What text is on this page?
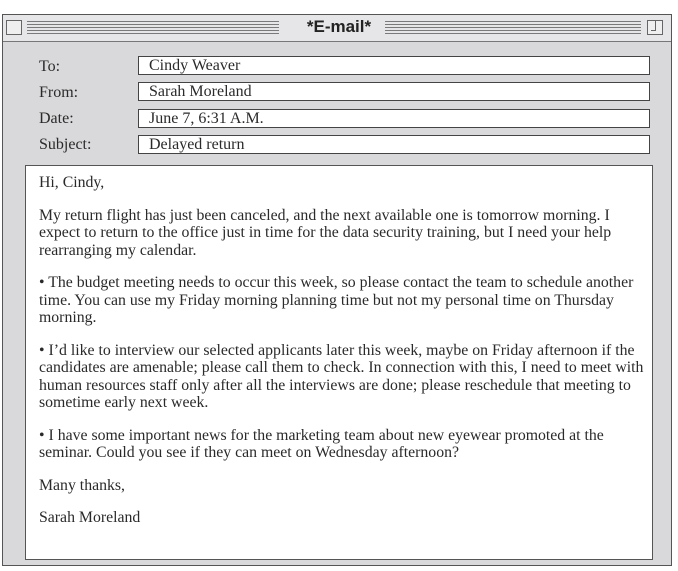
*E-mail*
To:	Cindy Weaver
From:	Sarah Moreland
Date:	June 7, 6:31 A.M.
Subject:	Delayed return

Hi, Cindy,

My return flight has just been canceled, and the next available one is tomorrow morning. I expect to return to the office just in time for the data security training, but I need your help rearranging my calendar.

• The budget meeting needs to occur this week, so please contact the team to schedule another time. You can use my Friday morning planning time but not my personal time on Thursday morning.

• I’d like to interview our selected applicants later this week, maybe on Friday afternoon if the candidates are amenable; please call them to check. In connection with this, I need to meet with human resources staff only after all the interviews are done; please reschedule that meeting to sometime early next week.

• I have some important news for the marketing team about new eyewear promoted at the seminar. Could you see if they can meet on Wednesday afternoon?

Many thanks,

Sarah Moreland
